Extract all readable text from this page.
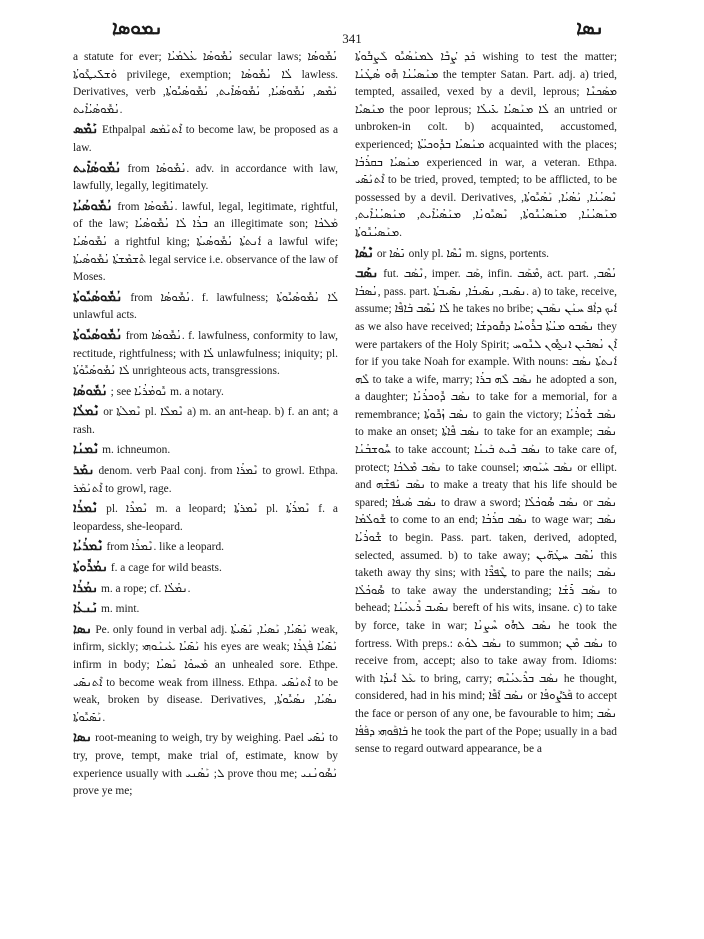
ܢܡܘܣܐ	341	ܢܣܐ

a statute for ever; ܢܳܡܽܘܣܳܐ ܥܳܠܡܳܝܳܐ secular laws; ܢܳܡܽܘܣܳܐ ܘܰܫܠܺܝܛܽܘܬܳܐ privilege, exemption; ܠܳܐ ܢܳܡܽܘܣܳܐ lawless. Derivatives, verb ܢܰܡܶܣ, ܢܳܡܽܘܣܳܝܳܐ, ܢܳܡܽܘܣܳܐܺܝܬ, ܢܳܡܽܘܣܳܝܽܘܬܳܐ, ܢܳܡܽܘܣܳܝܳܐܺܝܬ.

ܢܰܡܶܣ Ethpalpal ܐܶܬܢܰܡܰܣ to become law, be proposed as a law.

ܢܳܡܽܘܣܳܐܺܝܬ from ܢܳܡܽܘܣܳܐ. adv. in accordance with law, lawfully, legally, legitimately.

ܢܳܡܽܘܣܳܝܳܐ from ܢܳܡܽܘܣܳܐ. lawful, legal, legitimate, rightful, of the law; ܒܪܳܐ ܠܳܐ ܢܳܡܽܘܣܳܝܳܐ an illegitimate son; ܡܰܠܟܳܐ ܢܳܡܽܘܣܳܝܳܐ a rightful king; ܐܰܢܬܬܳܐ ܢܳܡܽܘܣܳܝܬܳܐ a lawful wife; ܬܶܫܡܶܫܬܳܐ ܢܳܡܽܘܣܳܝܬܳܐ legal service i.e. observance of the law of Moses.

ܢܳܡܽܘܣܳܝܽܘܬܳܐ from ܢܳܡܽܘܣܳܐ. f. lawfulness; ܠܳܐ ܢܳܡܽܘܣܳܝܽܘܬܳܐ unlawful acts.

ܢܳܡܽܘܣܳܝܽܘܬܳܐ from ܢܳܡܽܘܣܳܐ. f. lawfulness, conformity to law, rectitude, rightfulness; with ܠܳܐ unlawfulness; iniquity; pl. ܠܳܐ ܢܳܡܽܘܣܳܝܽܘܳܬܳܐ unrighteous acts, transgressions.

ܢܳܡܽܘܣܳܐ ; see ܢܽܘܡܳܪܳܝܳܐ m. a notary.

ܢܶܡܠܳܐ or ܢܶܡܠܬܳܐ pl. ܢܶܡܠܶܐ a) m. an ant-heap. b) f. an ant; a rash.

ܢܶܡܢܳܐ m. ichneumon.

ܢܡܰܪ denom. verb Paal conj. from ܢܶܡܪܳܐ to growl. Ethpa. ܐܶܬܢܰܡܰܪ to growl, rage.

ܢܶܡܪܳܐ pl. ܢܶܡܪܶܐ m. a leopard; ܢܶܡܪܬܳܐ pl. ܢܶܡܪܳܬܳܐ f. a leopardess, she-leopard.

ܢܶܡܪܳܝܳܐ from ܢܶܡܪܳܐ. like a leopard.

ܢܡܳܪܽܘܬܳܐ f. a cage for wild beasts.

ܢܡܳܪܳܐ m. a rope; cf. ܢܡܳܠܳܐ.

ܢܰܢܥܳܐ m. mint.

ܢܣܐ Pe. only found in verbal adj. ܢܰܣܺܝܳܐ, ܢܰܣܝܳܐ, ܢܰܣܺܝܬܳܐ weak, infirm, sickly; ܢܰܣܺܝܳܐ ܥܰܝܢܰܘܗܝ his eyes are weak; ܢܰܣܺܝܳܐ ܦܰܓܪܳܐ infirm in body; ܡܰܚܘܳܐ ܢܰܣܝܳܐ an unhealed sore. Ethpe. ܐܶܬܢܣܺܝ to become weak from illness. Ethpa. ܐܶܬܢܰܣܺܝ to be weak, broken by disease. Derivatives, ܢܣܳܝܳܐ, ܢܣܳܝܽܘܬܳܐ, ܢܰܣܺܝܽܘܬܳܐ.

ܢܣܐ root-meaning to weigh, try by weighing. Pael ܢܰܣܺܝ to try, prove, tempt, make trial of, estimate, know by experience usually with ܠ; ܢܰܣܳܢܝ prove thou me; ܢܰܣܽܘܢܳܢܝ prove ye me;

ܟܰܕ ܨܳܒܶܐ ܠܡܢܰܣܳܝܽܘ ܠܰܨܒܽܘܬܳܐ wishing to test the matter; ܡܢܰܣܝܳܢܳܐ ܗܽܘ ܣܳܛܳܢܳܐ the tempter Satan. Part. adj. a) tried, tempted, assailed, vexed by a devil, leprous; ܡܣܰܟܢܶܐ ܡܢܰܣܝܶܐ the poor leprous; ܠܳܐ ܡܢܰܣܝܳܐ ܥܺܝܠܳܐ an untried or unbroken-in colt. b) acquainted, accustomed, experienced; ܡܢܰܣܝܳܐ ܒܕܽܘܟܝܳܬܳܐ acquainted with the places; ܡܢܰܣܝܳܐ ܒܩܪܳܒܳܐ experienced in war, a veteran. Ethpa. ܐܶܬܢܰܣܺܝ to be tried, proved, tempted; to be afflicted, to be possessed by a devil. Derivatives, ܢܶܣܝܳܢܳܐ, ܢܰܣܳܝܳܐ, ܢܰܣܳܝܽܘܬܳܐ, ܡܢܰܣܝܳܢܳܐ, ܡܢܰܣܝܳܢܽܘܬܳܐ, ܢܶܣܝܽܘܢܳܐ, ܡܢܰܣܳܝܳܐܺܝܬ, ܡܢܰܣܝܳܢܳܐܺܝܬ, ܡܢܰܣܝܳܢܽܘܬܳܐ.

ܢܶܣܳܐ or ܢܺܣܳܐ only pl. ܢܶܣܶܐ m. signs, portents.

ܢܣܰܒ fut. ܢܶܣܰܒ, imper. ܣܰܒ, infin. ܡܶܣܰܒ, act. part. ܢܳܣܶܒ, ܢܳܣܒܳܐ, pass. part. ܢܣܺܝܒ, ܢܣܺܝܒܳܐ, ܢܣܺܝܒܬܳܐ. a) to take, receive, assume; ܠܳܐ ܢܳܣܶܒ ܒܰܐܦܶܐ he takes no bribe; ܐܰܝܟ ܕܐܳܦ ܚܢܰܢ ܢܣܰܒܢ as we also have received; ܢܣܰܒܘ ܡܢܳܬܳܐ ܒܪܽܘܚܳܐ ܕܩܽܘܕܫܳܐ they were partakers of the Holy Spirit; ܐܶܢ ܢܳܣܒܺܝܢ ܐܢ̱ܬܽܘܢ ܠܢܽܘܚ for if you take Noah for example. With nouns: ܐܰܢܬܬܳܐ ܢܣܰܒ ܠܶܗ to take a wife, marry; ܢܣܰܒ ܠܶܗ ܒܪܳܐ he adopted a son, a daughter; ܢܣܰܒ ܕܽܘܟܪܳܢܳܐ to take for a memorial, for a remembrance; ܢܣܰܒ ܙܳܟܽܘܬܳܐ to gain the victory; ܢܣܰܒ ܫܽܘܪܳܝܳܐ to make an onset; ܢܣܰܒ ܦܶܐܬܳܐ to take for an example; ܢܣܰܒ ܚܽܘܫܒܳܢܳܐ to take account; ܢܣܰܒ ܒܶܝܬ ܒܰܝܢܳܐ to take care of, protect; ܢܣܰܒ ܡܶܠܟܳܐ to take counsel; ܢܣܰܒ ܚܰܝܰܘܗܝ or ellipt. and ܢܣܰܒ ܢܰܦܫܶܗ to make a treaty that his life should be spared; ܢܣܰܒ ܣܰܝܦܳܐ to draw a sword; ܢܣܰܒ ܣܽܘܟܳܠܳܐ or ܢܣܰܒ ܫܽܘܠܳܡܳܐ to come to an end; ܢܣܰܒ ܩܪܳܒܳܐ to wage war; ܢܣܰܒ ܫܽܘܪܳܝܳܐ to begin. Pass. part. taken, derived, adopted, selected, assumed. b) to take away; ܢܳܣܶܒ ܚܛܳܗ̈ܰܝܢ this taketh away thy sins; with ܛܶܦܪ̈ܶܐ to pare the nails; ܢܣܰܒ ܣܽܘܟܳܠܳܐ to take away the understanding; ܢܣܰܒ ܪܺܫܳܐ to behead; ܢܣܺܝܒ ܪܶܥܝܳܢܳܐ bereft of his wits, insane. c) to take by force, take in war; ܢܣܰܒ ܠܗܽܘ ܚܶܨܢܳܐ he took the fortress. With preps.: ܢܣܰܒ ܠܘܳܬ to summon; ܢܣܰܒ ܡܶܢ to receive from, accept; also to take away from. Idioms: with ܥܰܠ ܐܺܝܕܳܐ to bring, carry; ܢܣܰܒ ܒܪܶܥܝܳܢܶܗ he thought, considered, had in his mind; ܢܣܰܒ ܐܰܦܶܐ or ܦܰܪܨܽܘܦܳܐ to accept the face or person of any one, be favourable to him; ܢܣܰܒ ܒܰܐܦܰܘܗܝ ܕܦܰܦܳܐ he took the part of the Pope; usually in a bad sense to regard outward appearance, be a
